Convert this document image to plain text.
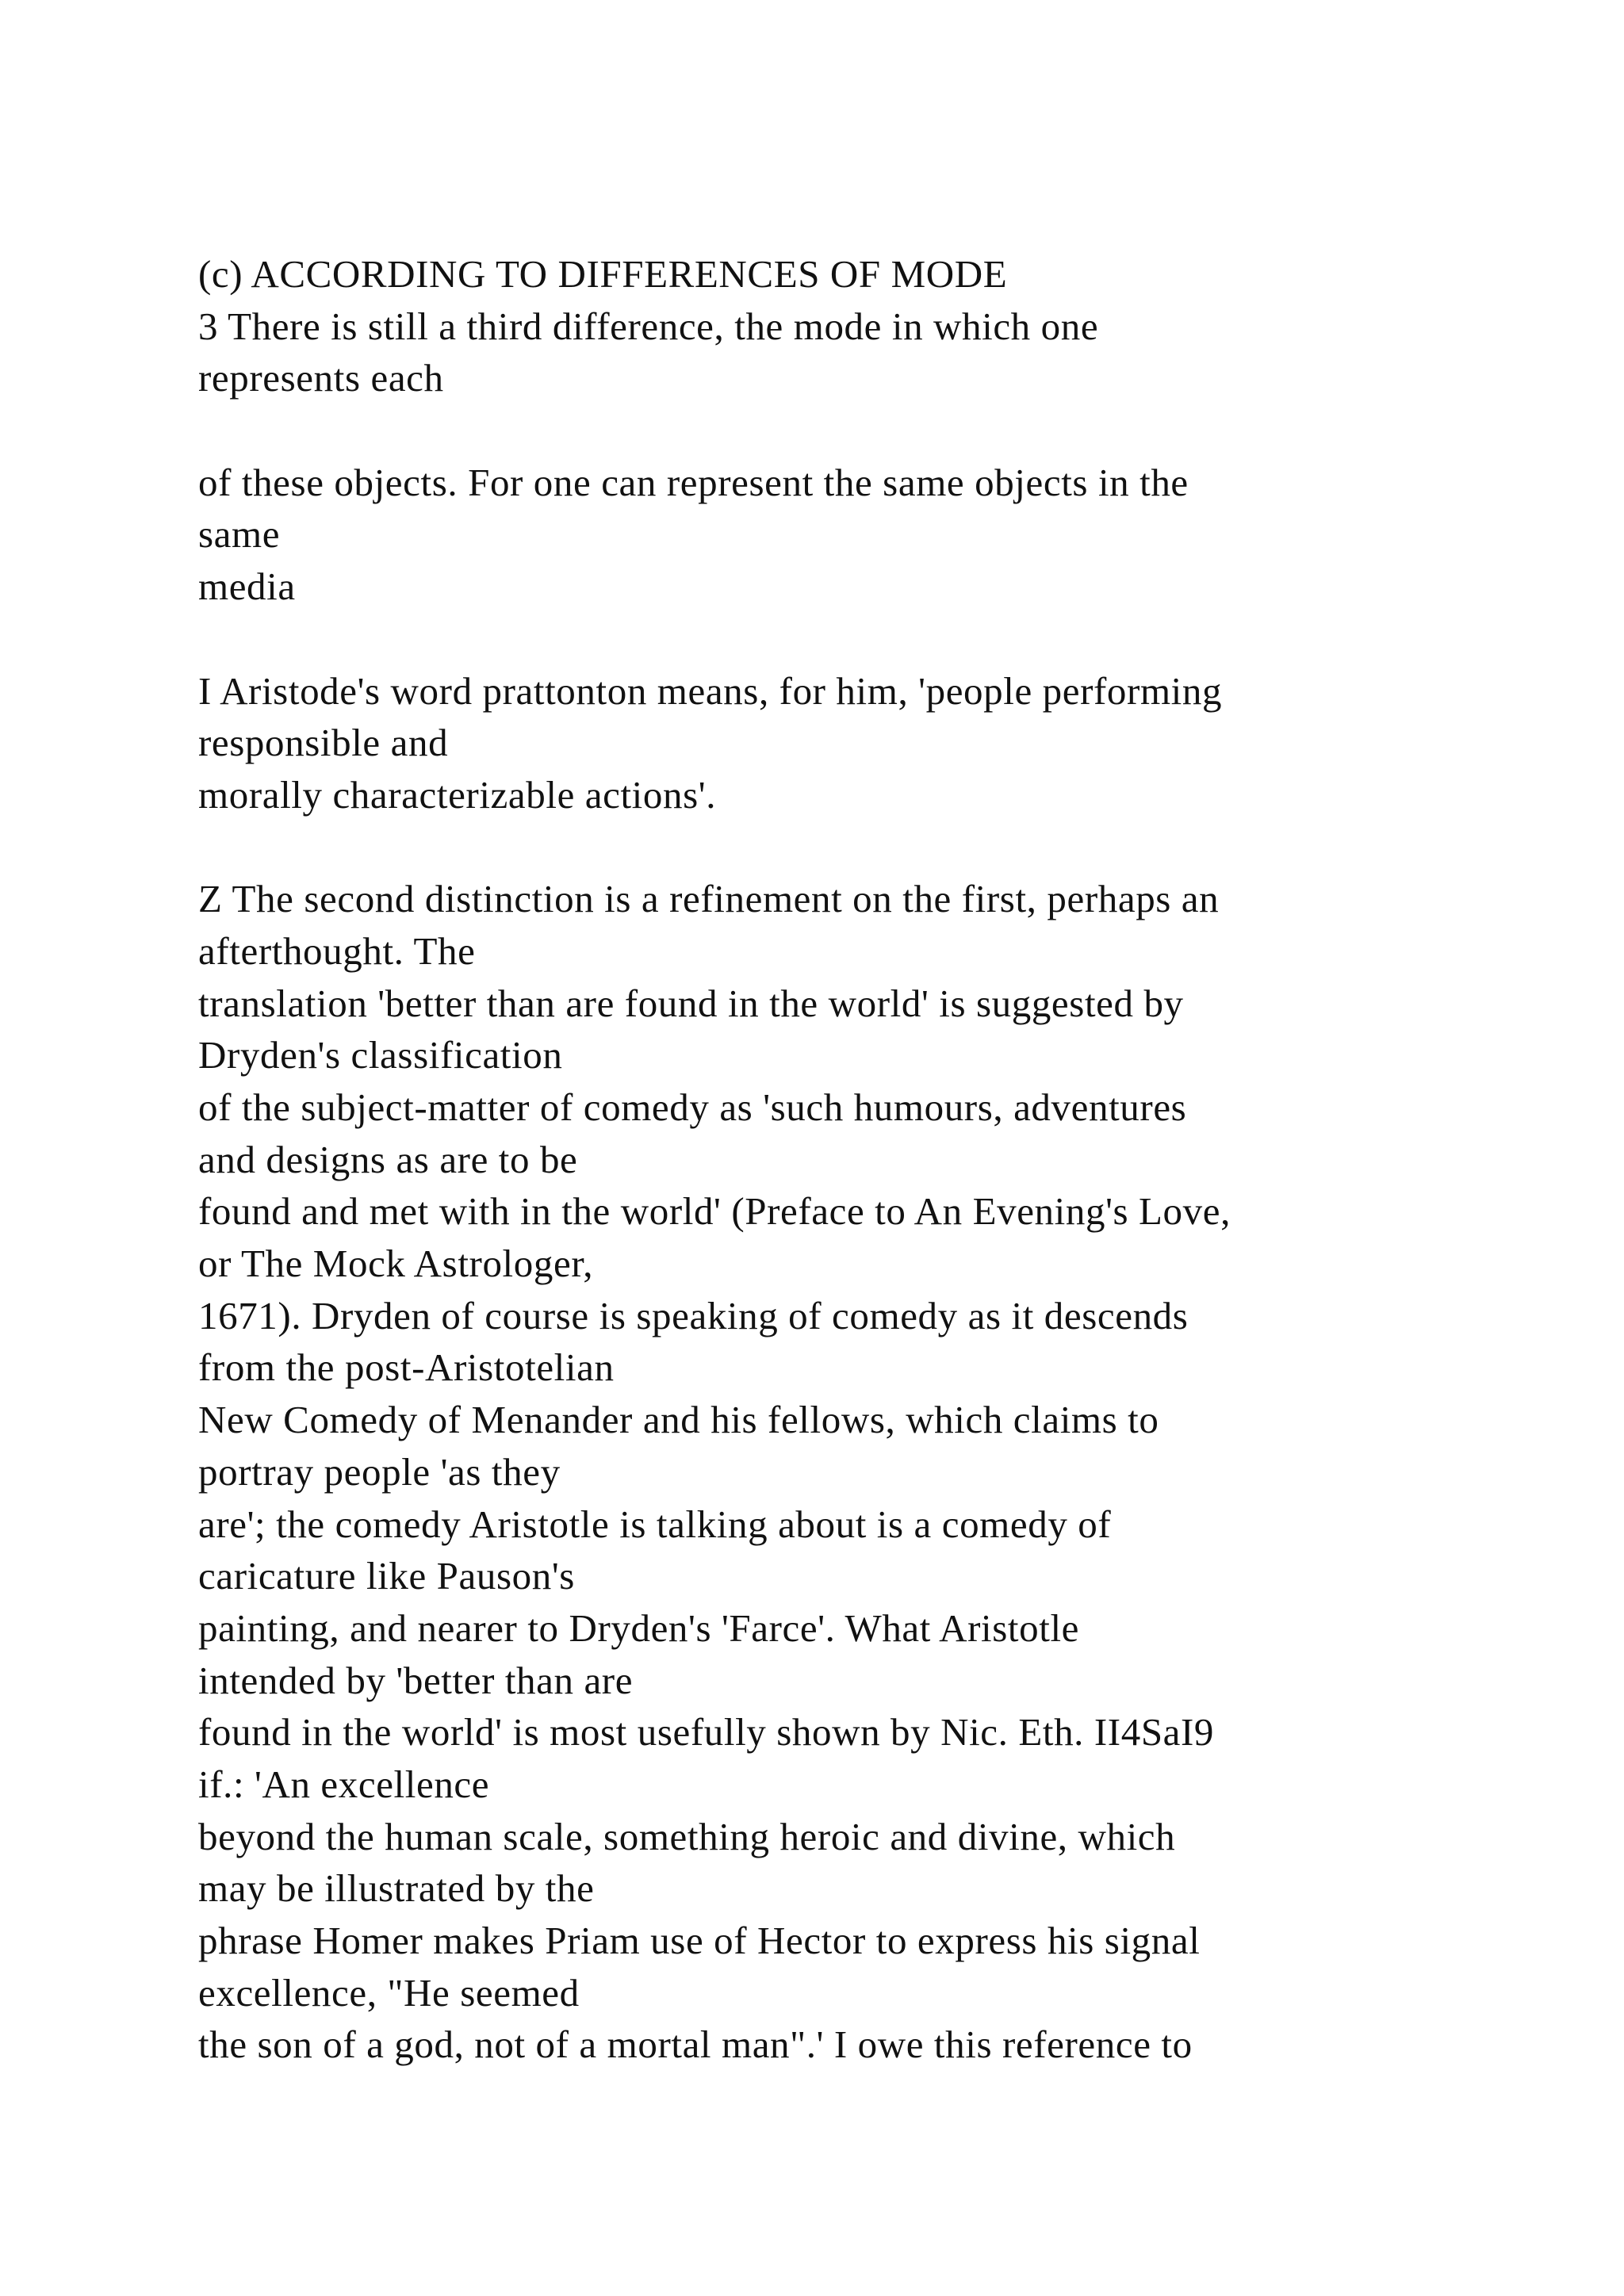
(c) ACCORDING TO DIFFERENCES OF MODE
3 There is still a third difference, the mode in which one
represents each
of these objects. For one can represent the same objects in the
same
media
I Aristode's word prattonton means, for him, 'people performing
responsible and
morally characterizable actions'.
Z The second distinction is a refinement on the first, perhaps an
afterthought. The
translation 'better than are found in the world' is suggested by
Dryden's classification
of the subject-matter of comedy as 'such humours, adventures
and designs as are to be
found and met with in the world' (Preface to An Evening's Love,
or The Mock Astrologer,
1671). Dryden of course is speaking of comedy as it descends
from the post-Aristotelian
New Comedy of Menander and his fellows, which claims to
portray people 'as they
are'; the comedy Aristotle is talking about is a comedy of
caricature like Pauson's
painting, and nearer to Dryden's 'Farce'. What Aristotle
intended by 'better than are
found in the world' is most usefully shown by Nic. Eth. II4SaI9
if.: 'An excellence
beyond the human scale, something heroic and divine, which
may be illustrated by the
phrase Homer makes Priam use of Hector to express his signal
excellence, "He seemed
the son of a god, not of a mortal man".' I owe this reference to
